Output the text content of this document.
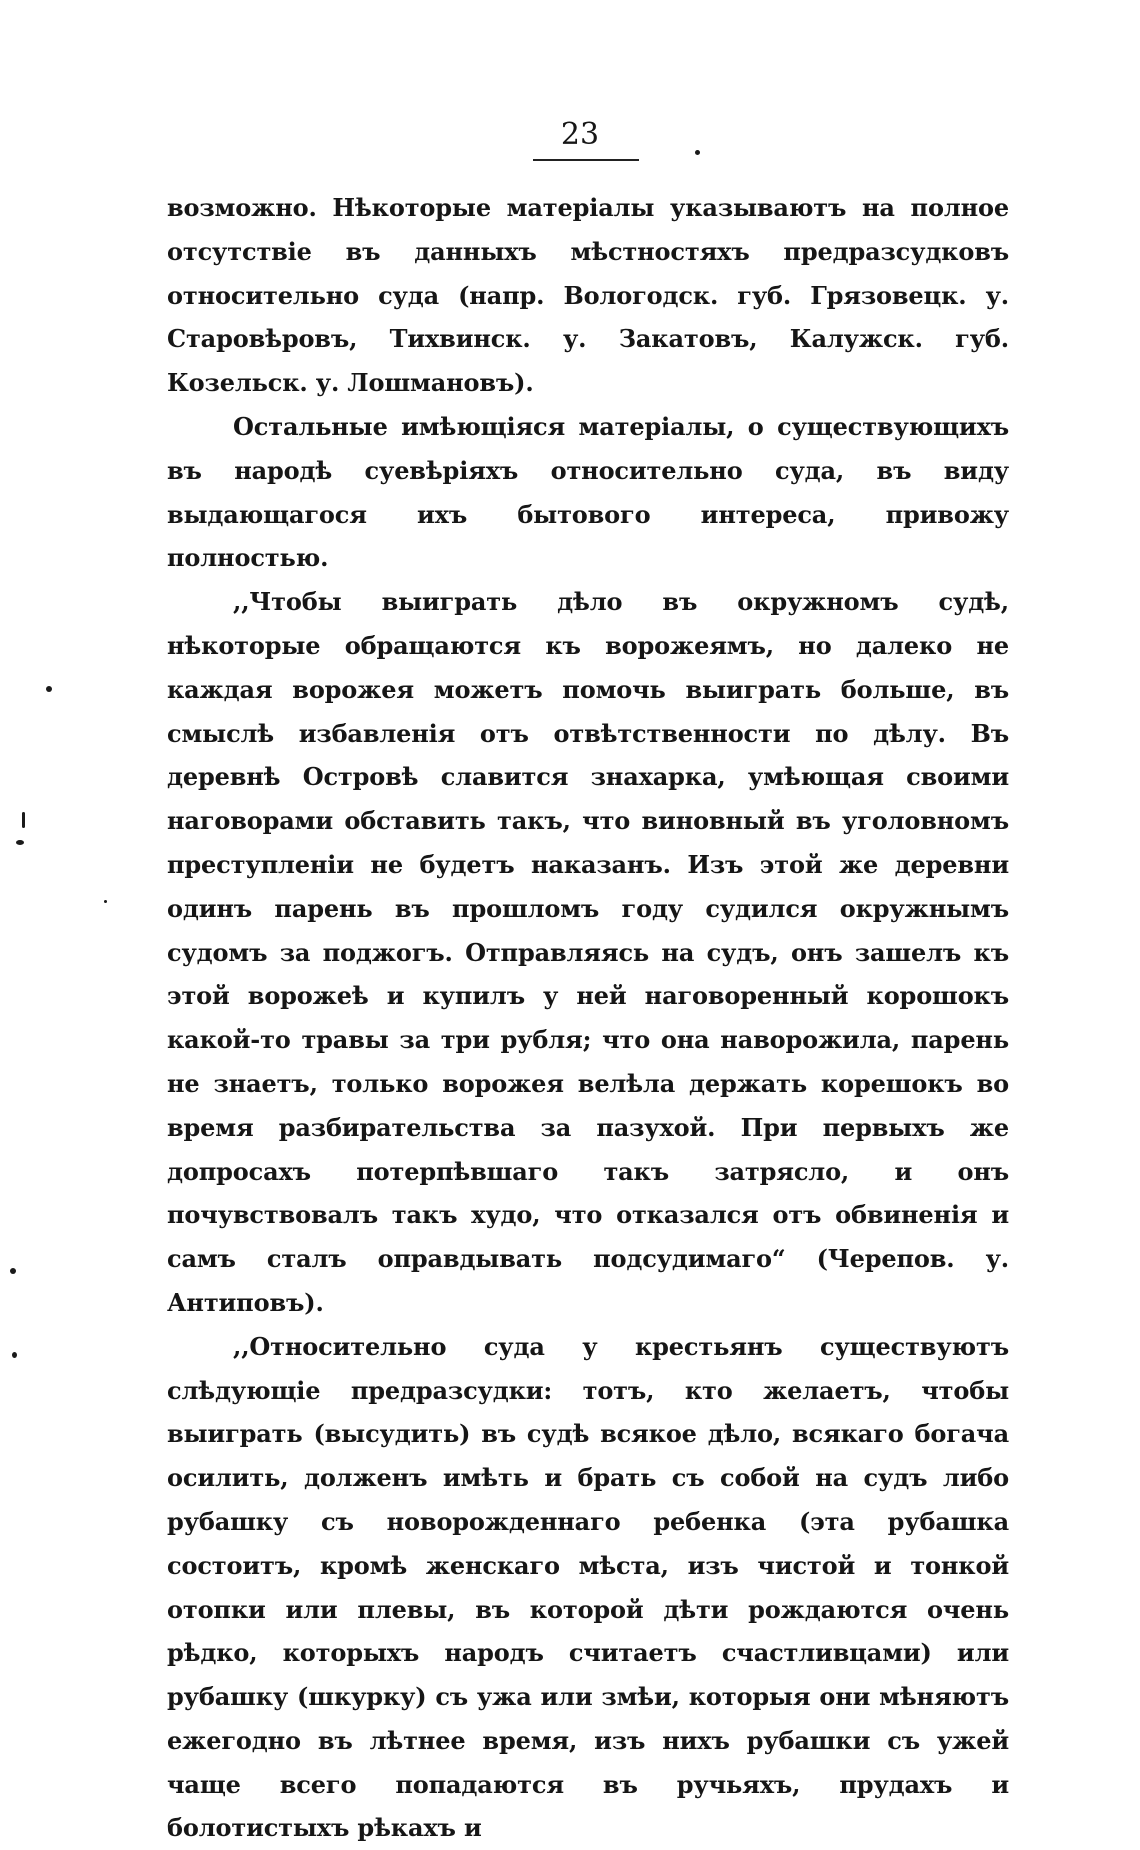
23

возможно. Нѣкоторые матеріалы указываютъ на полное отсутствіе въ данныхъ мѣстностяхъ предразсудковъ относительно суда (напр. Вологодск. губ. Грязовецк. у. Старовѣровъ, Тихвинск. у. Закатовъ, Калужск. губ. Козельск. у. Лошмановъ).

Остальные имѣющіяся матеріалы, о существующихъ въ народѣ суевѣріяхъ относительно суда, въ виду выдающагося ихъ бытового интереса, привожу полностью.

,,Чтобы выиграть дѣло въ окружномъ судѣ, нѣкоторые обращаются къ ворожеямъ, но далеко не каждая ворожея можетъ помочь выиграть больше, въ смыслѣ избавленія отъ отвѣтственности по дѣлу. Въ деревнѣ Островѣ славится знахарка, умѣющая своими наговорами обставить такъ, что виновный въ уголовномъ преступленіи не будетъ наказанъ. Изъ этой же деревни одинъ парень въ прошломъ году судился окружнымъ судомъ за поджогъ. Отправляясь на судъ, онъ зашелъ къ этой ворожеѣ и купилъ у ней наговоренный корошокъ какой-то травы за три рубля; что она наворожила, парень не знаетъ, только ворожея велѣла держать корешокъ во время разбирательства за пазухой. При первыхъ же допросахъ потерпѣвшаго такъ затрясло, и онъ почувствовалъ такъ худо, что отказался отъ обвиненія и самъ сталъ оправдывать подсудимаго“ (Черепов. у. Антиповъ).

,,Относительно суда у крестьянъ существуютъ слѣдующіе предразсудки: тотъ, кто желаетъ, чтобы выиграть (высудить) въ судѣ всякое дѣло, всякаго богача осилить, долженъ имѣть и брать съ собой на судъ либо рубашку съ новорожденнаго ребенка (эта рубашка состоитъ, кромѣ женскаго мѣста, изъ чистой и тонкой отопки или плевы, въ которой дѣти рождаются очень рѣдко, которыхъ народъ считаетъ счастливцами) или рубашку (шкурку) съ ужа или змѣи, которыя они мѣняютъ ежегодно въ лѣтнее время, изъ нихъ рубашки съ ужей чаще всего попадаются въ ручьяхъ, прудахъ и болотистыхъ рѣкахъ и
